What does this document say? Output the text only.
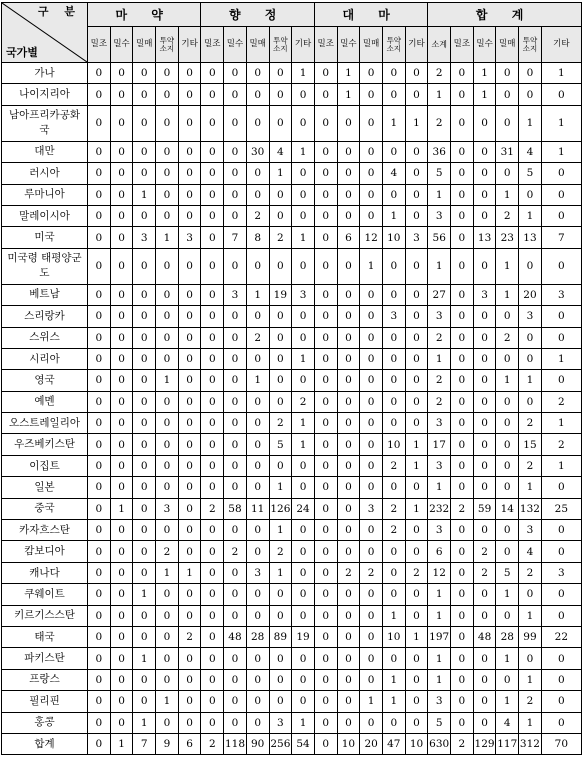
구 분
국가별	마 약					향 정					대 마					합 계					
	밀조	밀수	밀매	투약소지	기타	밀조	밀수	밀매	투약소지	기타	밀조	밀수	밀매	투약소지	기타	소계	밀조	밀수	밀매	투약소지	기타
가나	0	0	0	0	0	0	0	0	0	1	0	1	0	0	0	2	0	1	0	0	1
나이지리아	0	0	0	0	0	0	0	0	0	0	0	1	0	0	0	1	0	1	0	0	0
남아프리카공화국	0	0	0	0	0	0	0	0	0	0	0	0	0	1	1	2	0	0	0	1	1
대만	0	0	0	0	0	0	0	30	4	1	0	0	0	0	0	36	0	0	31	4	1
러시아	0	0	0	0	0	0	0	0	1	0	0	0	0	4	0	5	0	0	0	5	0
루마니아	0	0	1	0	0	0	0	0	0	0	0	0	0	0	0	1	0	0	1	0	0
말레이시아	0	0	0	0	0	0	0	2	0	0	0	0	0	1	0	3	0	0	2	1	0
미국	0	0	3	1	3	0	7	8	2	1	0	6	12	10	3	56	0	13	23	13	7
미국령 태평양군도	0	0	0	0	0	0	0	0	0	0	0	0	1	0	0	1	0	0	1	0	0
베트남	0	0	0	0	0	0	3	1	19	3	0	0	0	0	0	27	0	3	1	20	3
스리랑카	0	0	0	0	0	0	0	0	0	0	0	0	0	3	0	3	0	0	0	3	0
스위스	0	0	0	0	0	0	0	2	0	0	0	0	0	0	0	2	0	0	2	0	0
시리아	0	0	0	0	0	0	0	0	0	1	0	0	0	0	0	1	0	0	0	0	1
영국	0	0	0	1	0	0	0	1	0	0	0	0	0	0	0	2	0	0	1	1	0
예멘	0	0	0	0	0	0	0	0	0	2	0	0	0	0	0	2	0	0	0	0	2
오스트레일리아	0	0	0	0	0	0	0	0	2	1	0	0	0	0	0	3	0	0	0	2	1
우즈베키스탄	0	0	0	0	0	0	0	0	5	1	0	0	0	10	1	17	0	0	0	15	2
이집트	0	0	0	0	0	0	0	0	0	0	0	0	0	2	1	3	0	0	0	2	1
일본	0	0	0	0	0	0	0	0	1	0	0	0	0	0	0	1	0	0	0	1	0
중국	0	1	0	3	0	2	58	11	126	24	0	0	3	2	1	232	2	59	14	132	25
카자흐스탄	0	0	0	0	0	0	0	0	1	0	0	0	0	2	0	3	0	0	0	3	0
캄보디아	0	0	0	2	0	0	2	0	2	0	0	0	0	0	0	6	0	2	0	4	0
캐나다	0	0	0	1	1	0	0	3	1	0	0	2	2	0	2	12	0	2	5	2	3
쿠웨이트	0	0	1	0	0	0	0	0	0	0	0	0	0	0	0	1	0	0	1	0	0
키르기스스탄	0	0	0	0	0	0	0	0	0	0	0	0	0	1	0	1	0	0	0	1	0
태국	0	0	0	0	2	0	48	28	89	19	0	0	0	10	1	197	0	48	28	99	22
파키스탄	0	0	1	0	0	0	0	0	0	0	0	0	0	0	0	1	0	0	1	0	0
프랑스	0	0	0	0	0	0	0	0	0	0	0	0	0	1	0	1	0	0	0	1	0
필리핀	0	0	0	1	0	0	0	0	0	0	0	0	1	1	0	3	0	0	1	2	0
홍콩	0	0	1	0	0	0	0	0	3	1	0	0	0	0	0	5	0	0	4	1	0
합계	0	1	7	9	6	2	118	90	256	54	0	10	20	47	10	630	2	129	117	312	70
